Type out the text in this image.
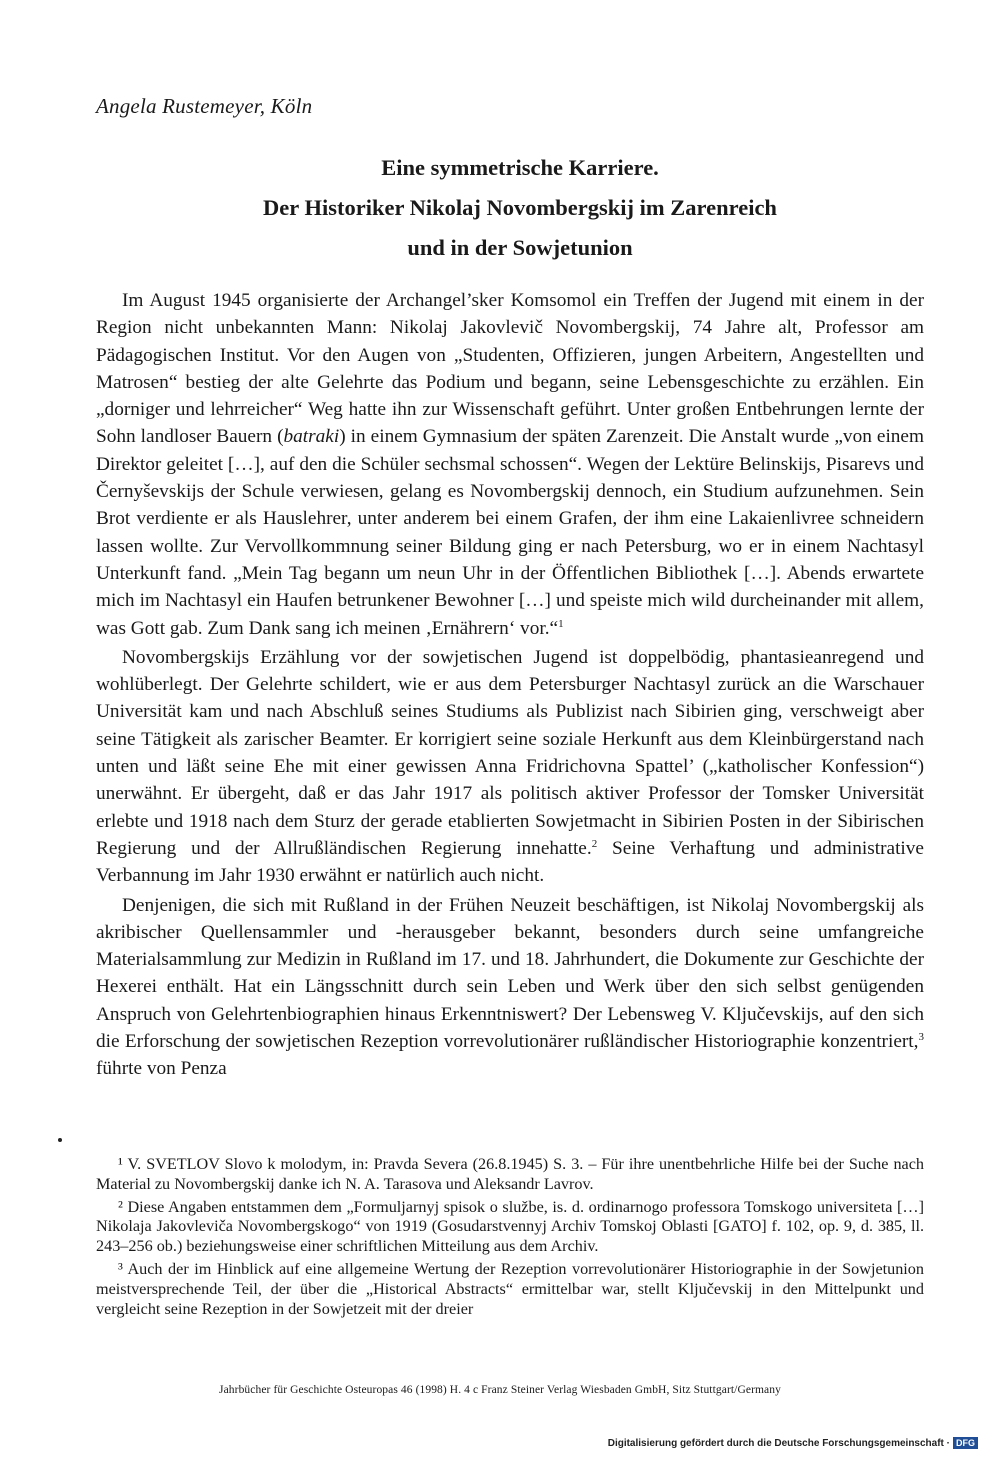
Angela Rustemeyer, Köln
Eine symmetrische Karriere.
Der Historiker Nikolaj Novombergskij im Zarenreich
und in der Sowjetunion

Im August 1945 organisierte der Archangel’sker Komsomol ein Treffen der Jugend mit einem in der Region nicht unbekannten Mann: Nikolaj Jakovlevič Novombergskij, 74 Jahre alt, Professor am Pädagogischen Institut. Vor den Augen von „Studenten, Offizieren, jungen Arbeitern, Angestellten und Matrosen“ bestieg der alte Gelehrte das Podium und begann, seine Lebensgeschichte zu erzählen. Ein „dorniger und lehrreicher“ Weg hatte ihn zur Wissenschaft geführt. Unter großen Entbehrungen lernte der Sohn landloser Bauern (batraki) in einem Gymnasium der späten Zarenzeit. Die Anstalt wurde „von einem Direktor geleitet […], auf den die Schüler sechsmal schossen“. Wegen der Lektüre Belinskijs, Pisarevs und Černyševskijs der Schule verwiesen, gelang es Novombergskij dennoch, ein Studium aufzunehmen. Sein Brot verdiente er als Hauslehrer, unter anderem bei einem Grafen, der ihm eine Lakaienlivree schneidern lassen wollte. Zur Vervollkommnung seiner Bildung ging er nach Petersburg, wo er in einem Nachtasyl Unterkunft fand. „Mein Tag begann um neun Uhr in der Öffentlichen Bibliothek […]. Abends erwartete mich im Nachtasyl ein Haufen betrunkener Bewohner […] und speiste mich wild durcheinander mit allem, was Gott gab. Zum Dank sang ich meinen ‚Ernährern‘ vor.“$^1$

Novombergskijs Erzählung vor der sowjetischen Jugend ist doppelbödig, phantasieanregend und wohlüberlegt. Der Gelehrte schildert, wie er aus dem Petersburger Nachtasyl zurück an die Warschauer Universität kam und nach Abschluß seines Studiums als Publizist nach Sibirien ging, verschweigt aber seine Tätigkeit als zarischer Beamter. Er korrigiert seine soziale Herkunft aus dem Kleinbürgerstand nach unten und läßt seine Ehe mit einer gewissen Anna Fridrichovna Spattel’ („katholischer Konfession“) unerwähnt. Er übergeht, daß er das Jahr 1917 als politisch aktiver Professor der Tomsker Universität erlebte und 1918 nach dem Sturz der gerade etablierten Sowjetmacht in Sibirien Posten in der Sibirischen Regierung und der Allrußländischen Regierung innehatte.$^2$ Seine Verhaftung und administrative Verbannung im Jahr 1930 erwähnt er natürlich auch nicht.

Denjenigen, die sich mit Rußland in der Frühen Neuzeit beschäftigen, ist Nikolaj Novombergskij als akribischer Quellensammler und -herausgeber bekannt, besonders durch seine umfangreiche Materialsammlung zur Medizin in Rußland im 17. und 18. Jahrhundert, die Dokumente zur Geschichte der Hexerei enthält. Hat ein Längsschnitt durch sein Leben und Werk über den sich selbst genügenden Anspruch von Gelehrtenbiographien hinaus Erkenntniswert? Der Lebensweg V. Ključevskijs, auf den sich die Erforschung der sowjetischen Rezeption vorrevolutionärer rußländischer Historiographie konzentriert,$^3$ führte von Penza

¹ V. SVETLOV Slovo k molodym, in: Pravda Severa (26.8.1945) S. 3. – Für ihre unentbehrliche Hilfe bei der Suche nach Material zu Novombergskij danke ich N. A. Tarasova und Aleksandr Lavrov.

² Diese Angaben entstammen dem „Formuljarnyj spisok o službe, is. d. ordinarnogo professora Tomskogo universiteta […] Nikolaja Jakovleviča Novombergskogo“ von 1919 (Gosudarstvennyj Archiv Tomskoj Oblasti [GATO] f. 102, op. 9, d. 385, ll. 243–256 ob.) beziehungsweise einer schriftlichen Mitteilung aus dem Archiv.

³ Auch der im Hinblick auf eine allgemeine Wertung der Rezeption vorrevolutionärer Historiographie in der Sowjetunion meistversprechende Teil, der über die „Historical Abstracts“ ermittelbar war, stellt Ključevskij in den Mittelpunkt und vergleicht seine Rezeption in der Sowjetzeit mit der dreier

Jahrbücher für Geschichte Osteuropas 46 (1998) H. 4 c Franz Steiner Verlag Wiesbaden GmbH, Sitz Stuttgart/Germany
Digitalisierung gefördert durch die Deutsche Forschungsgemeinschaft · DFG
